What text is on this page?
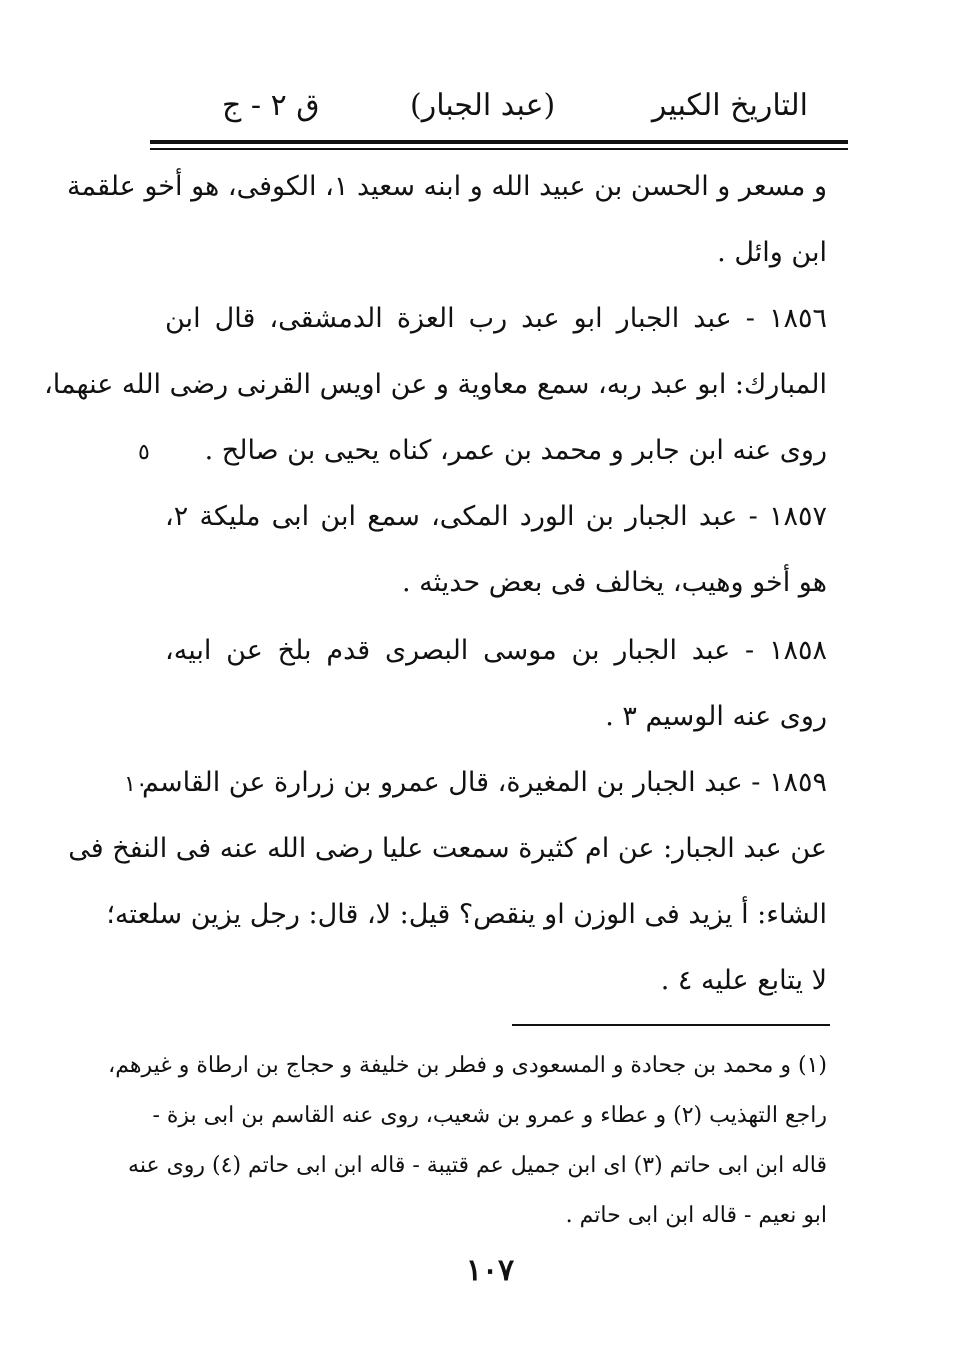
التاريخ الكبير
(عبد الجبار)
ق ٢ - ج
و مسعر و الحسن بن عبيد الله و ابنه سعيد ١، الكوفى، هو أخو علقمة
ابن وائل .
١٨٥٦ - عبد الجبار ابو عبد رب العزة الدمشقى، قال ابن
المبارك: ابو عبد ربه، سمع معاوية و عن اويس القرنى رضى الله عنهما،
روى عنه ابن جابر و محمد بن عمر، كناه يحيى بن صالح .
١٨٥٧ - عبد الجبار بن الورد المكى، سمع ابن ابى مليكة ٢،
هو أخو وهيب، يخالف فى بعض حديثه .
١٨٥٨ - عبد الجبار بن موسى البصرى قدم بلخ عن ابيه،
روى عنه الوسيم ٣ .
١٨٥٩ - عبد الجبار بن المغيرة، قال عمرو بن زرارة عن القاسم
عن عبد الجبار: عن ام كثيرة سمعت عليا رضى الله عنه فى النفخ فى
الشاء: أ يزيد فى الوزن او ينقص؟ قيل: لا، قال: رجل يزين سلعته؛
لا يتابع عليه ٤ .
٥
١٠
(١) و محمد بن جحادة و المسعودى و فطر بن خليفة و حجاج بن ارطاة و غيرهم،
راجع التهذيب (٢) و عطاء و عمرو بن شعيب، روى عنه القاسم بن ابى بزة -
قاله ابن ابى حاتم (٣) اى ابن جميل عم قتيبة - قاله ابن ابى حاتم (٤) روى عنه
ابو نعيم - قاله ابن ابى حاتم .
١٠٧
